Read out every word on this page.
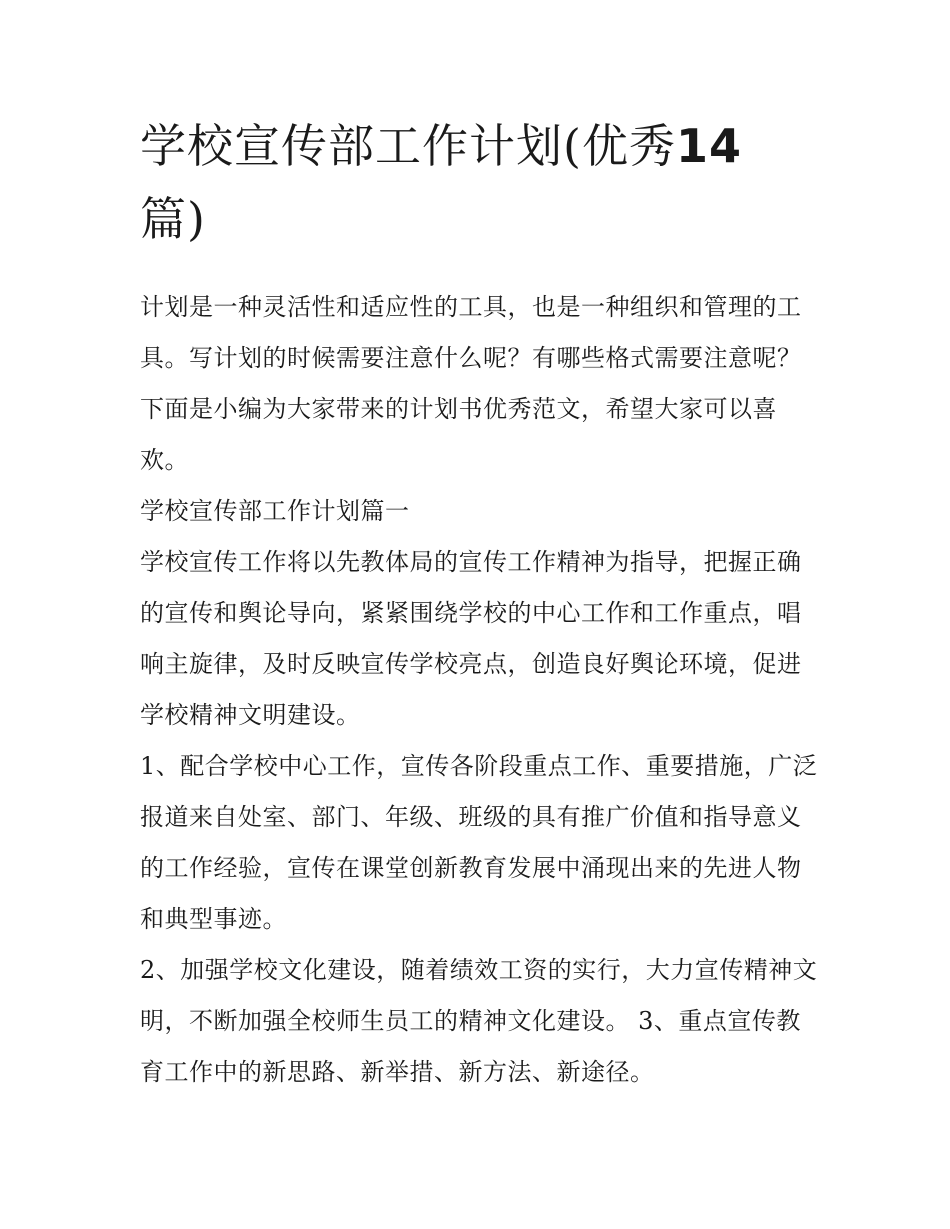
学校宣传部工作计划(优秀14
篇)

计划是一种灵活性和适应性的工具，也是一种组织和管理的工具。写计划的时候需要注意什么呢？有哪些格式需要注意呢？下面是小编为大家带来的计划书优秀范文，希望大家可以喜欢。

学校宣传部工作计划篇一

学校宣传工作将以先教体局的宣传工作精神为指导，把握正确的宣传和舆论导向，紧紧围绕学校的中心工作和工作重点，唱响主旋律，及时反映宣传学校亮点，创造良好舆论环境，促进学校精神文明建设。

1、配合学校中心工作，宣传各阶段重点工作、重要措施，广泛报道来自处室、部门、年级、班级的具有推广价值和指导意义的工作经验，宣传在课堂创新教育发展中涌现出来的先进人物和典型事迹。

2、加强学校文化建设，随着绩效工资的实行，大力宣传精神文明，不断加强全校师生员工的精神文化建设。 3、重点宣传教育工作中的新思路、新举措、新方法、新途径。
